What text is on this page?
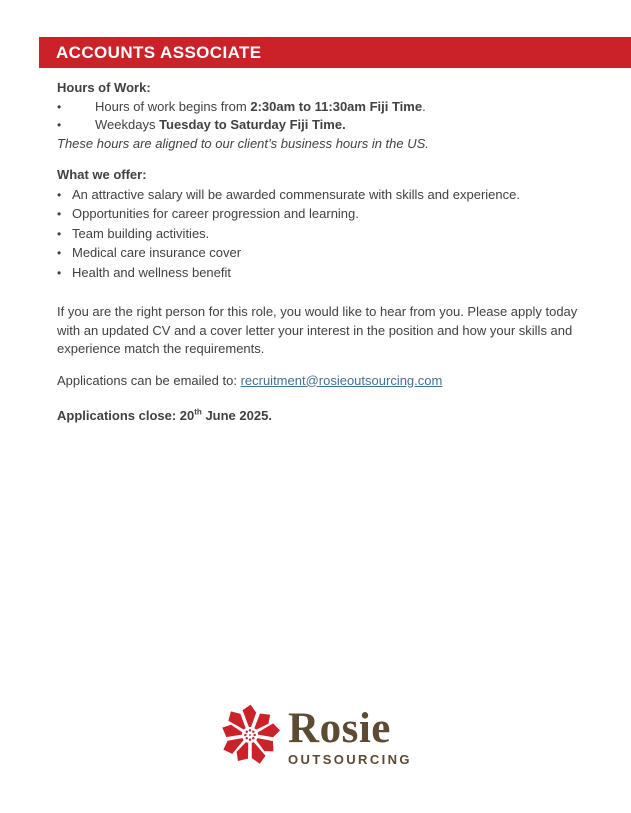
ACCOUNTS ASSOCIATE

Hours of Work:

•	Hours of work begins from 2:30am to 11:30am Fiji Time.
•	Weekdays Tuesday to Saturday Fiji Time.

These hours are aligned to our client’s business hours in the US.

What we offer:

• An attractive salary will be awarded commensurate with skills and experience.
• Opportunities for career progression and learning.
• Team building activities.
• Medical care insurance cover
• Health and wellness benefit

If you are the right person for this role, you would like to hear from you. Please apply today with an updated CV and a cover letter your interest in the position and how your skills and experience match the requirements.

Applications can be emailed to: recruitment@rosieoutsourcing.com
Applications close: 20th June 2025.
Rosie
OUTSOURCING
